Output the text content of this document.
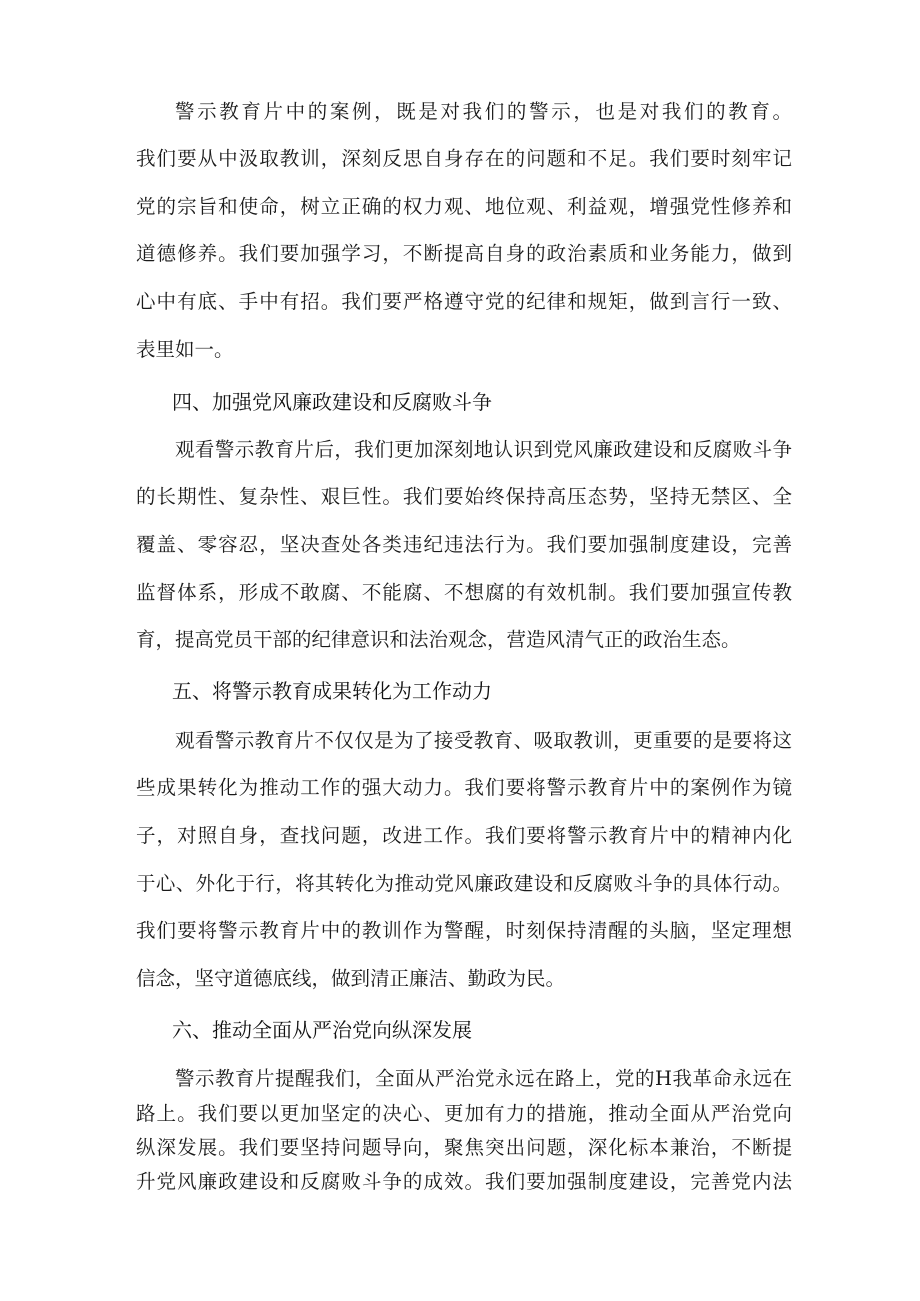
警示教育片中的案例，既是对我们的警示，也是对我们的教育。
我们要从中汲取教训，深刻反思自身存在的问题和不足。我们要时刻牢记
党的宗旨和使命，树立正确的权力观、地位观、利益观，增强党性修养和
道德修养。我们要加强学习，不断提高自身的政治素质和业务能力，做到
心中有底、手中有招。我们要严格遵守党的纪律和规矩，做到言行一致、
表里如一。
四、加强党风廉政建设和反腐败斗争
观看警示教育片后，我们更加深刻地认识到党风廉政建设和反腐败斗争
的长期性、复杂性、艰巨性。我们要始终保持高压态势，坚持无禁区、全
覆盖、零容忍，坚决查处各类违纪违法行为。我们要加强制度建设，完善
监督体系，形成不敢腐、不能腐、不想腐的有效机制。我们要加强宣传教
育，提高党员干部的纪律意识和法治观念，营造风清气正的政治生态。
五、将警示教育成果转化为工作动力
观看警示教育片不仅仅是为了接受教育、吸取教训，更重要的是要将这
些成果转化为推动工作的强大动力。我们要将警示教育片中的案例作为镜
子，对照自身，查找问题，改进工作。我们要将警示教育片中的精神内化
于心、外化于行，将其转化为推动党风廉政建设和反腐败斗争的具体行动。
我们要将警示教育片中的教训作为警醒，时刻保持清醒的头脑，坚定理想
信念，坚守道德底线，做到清正廉洁、勤政为民。
六、推动全面从严治党向纵深发展
警示教育片提醒我们，全面从严治党永远在路上，党的H我革命永远在
路上。我们要以更加坚定的决心、更加有力的措施，推动全面从严治党向
纵深发展。我们要坚持问题导向，聚焦突出问题，深化标本兼治，不断提
升党风廉政建设和反腐败斗争的成效。我们要加强制度建设，完善党内法
